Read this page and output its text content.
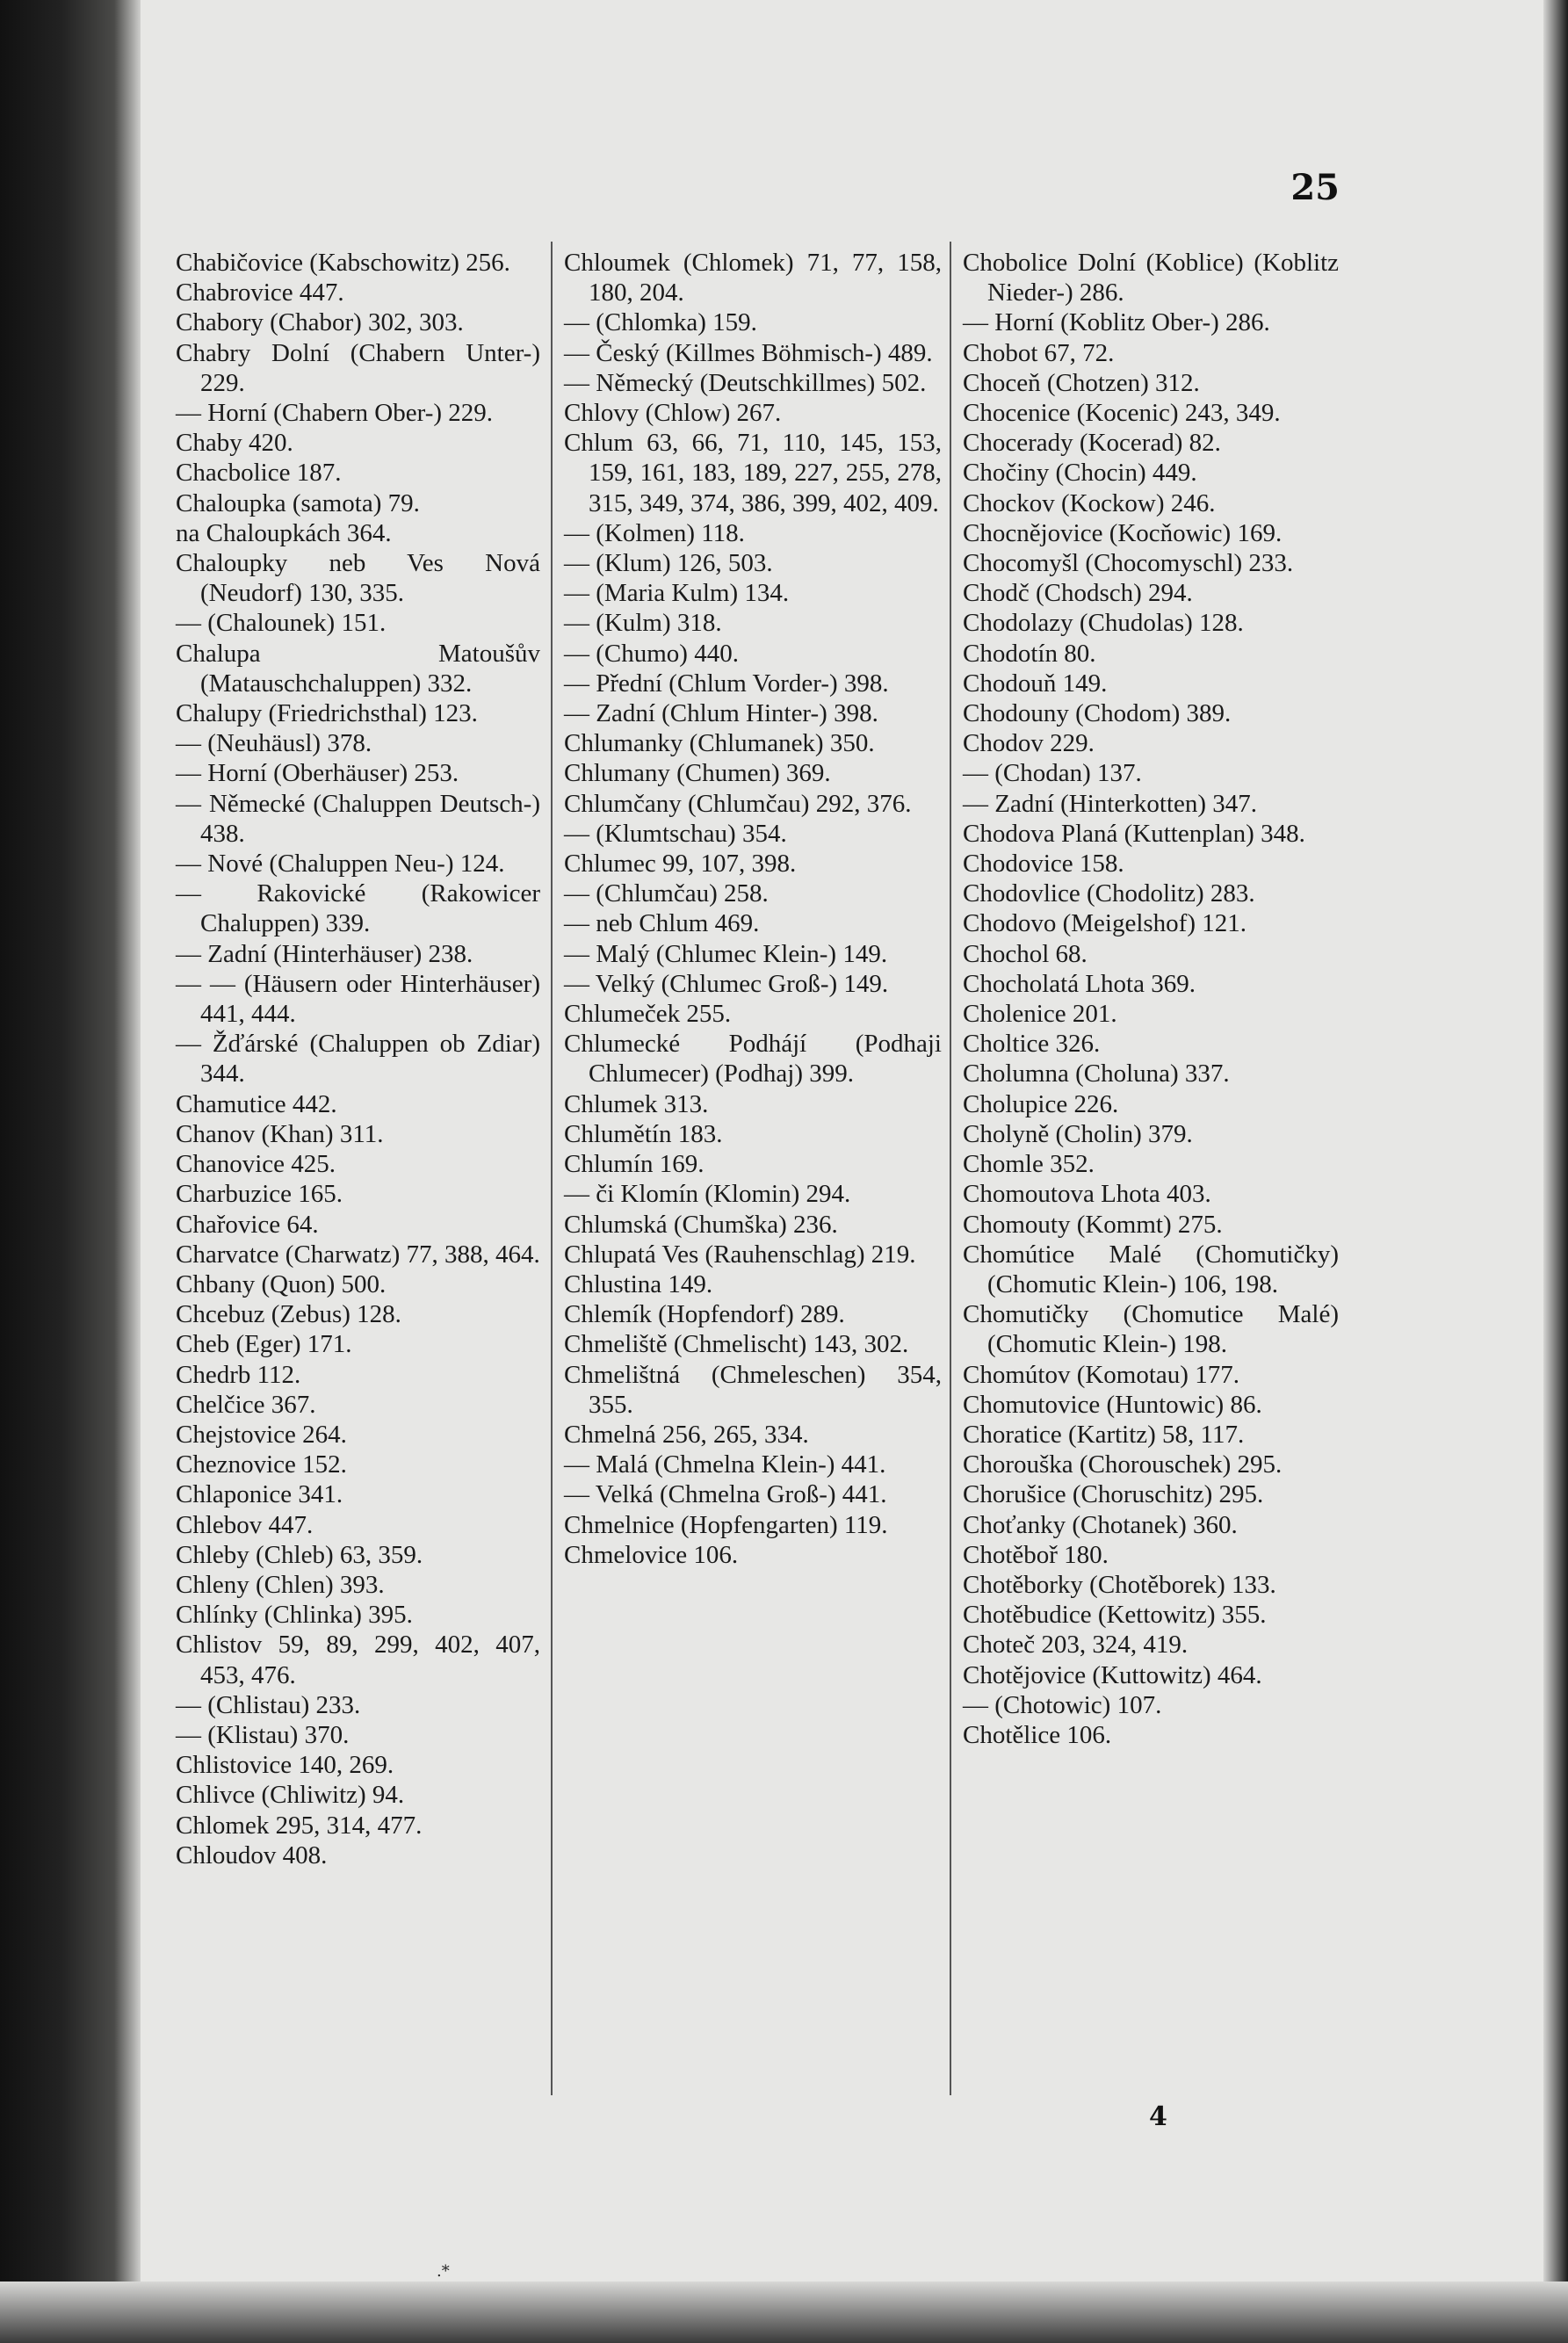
25

Chabičovice (Kabschowitz) 256.

Chabrovice 447.

Chabory (Chabor) 302, 303.

Chabry Dolní (Chabern Unter-) 229.

— Horní (Chabern Ober-) 229.

Chaby 420.

Chacbolice 187.

Chaloupka (samota) 79.

na Chaloupkách 364.

Chaloupky neb Ves Nová (Neudorf) 130, 335.

— (Chalounek) 151.

Chalupa Matoušův (Matauschchaluppen) 332.

Chalupy (Friedrichsthal) 123.

— (Neuhäusl) 378.

— Horní (Oberhäuser) 253.

— Německé (Chaluppen Deutsch-) 438.

— Nové (Chaluppen Neu-) 124.

— Rakovické (Rakowicer Chaluppen) 339.

— Zadní (Hinterhäuser) 238.

— — (Häusern oder Hinterhäuser) 441, 444.

— Žďárské (Chaluppen ob Zdiar) 344.

Chamutice 442.

Chanov (Khan) 311.

Chanovice 425.

Charbuzice 165.

Chařovice 64.

Charvatce (Charwatz) 77, 388, 464.

Chbany (Quon) 500.

Chcebuz (Zebus) 128.

Cheb (Eger) 171.

Chedrb 112.

Chelčice 367.

Chejstovice 264.

Cheznovice 152.

Chlaponice 341.

Chlebov 447.

Chleby (Chleb) 63, 359.

Chleny (Chlen) 393.

Chlínky (Chlinka) 395.

Chlistov 59, 89, 299, 402, 407, 453, 476.

— (Chlistau) 233.

— (Klistau) 370.

Chlistovice 140, 269.

Chlivce (Chliwitz) 94.

Chlomek 295, 314, 477.

Chloudov 408.

Chloumek (Chlomek) 71, 77, 158, 180, 204.

— (Chlomka) 159.

— Český (Killmes Böhmisch-) 489.

— Německý (Deutschkillmes) 502.

Chlovy (Chlow) 267.

Chlum 63, 66, 71, 110, 145, 153, 159, 161, 183, 189, 227, 255, 278, 315, 349, 374, 386, 399, 402, 409.

— (Kolmen) 118.

— (Klum) 126, 503.

— (Maria Kulm) 134.

— (Kulm) 318.

— (Chumo) 440.

— Přední (Chlum Vorder-) 398.

— Zadní (Chlum Hinter-) 398.

Chlumanky (Chlumanek) 350.

Chlumany (Chumen) 369.

Chlumčany (Chlumčau) 292, 376.

— (Klumtschau) 354.

Chlumec 99, 107, 398.

— (Chlumčau) 258.

— neb Chlum 469.

— Malý (Chlumec Klein-) 149.

— Velký (Chlumec Groß-) 149.

Chlumeček 255.

Chlumecké Podhájí (Podhaji Chlumecer) (Podhaj) 399.

Chlumek 313.

Chlumětín 183.

Chlumín 169.

— či Klomín (Klomin) 294.

Chlumská (Chumška) 236.

Chlupatá Ves (Rauhenschlag) 219.

Chlustina 149.

Chlemík (Hopfendorf) 289.

Chmeliště (Chmelischt) 143, 302.

Chmelištná (Chmeleschen) 354, 355.

Chmelná 256, 265, 334.

— Malá (Chmelna Klein-) 441.

— Velká (Chmelna Groß-) 441.

Chmelnice (Hopfengarten) 119.

Chmelovice 106.

Chobolice Dolní (Koblice) (Koblitz Nieder-) 286.

— Horní (Koblitz Ober-) 286.

Chobot 67, 72.

Choceň (Chotzen) 312.

Chocenice (Kocenic) 243, 349.

Chocerady (Kocerad) 82.

Chočiny (Chocin) 449.

Chockov (Kockow) 246.

Chocnějovice (Kocňowic) 169.

Chocomyšl (Chocomyschl) 233.

Chodč (Chodsch) 294.

Chodolazy (Chudolas) 128.

Chodotín 80.

Chodouň 149.

Chodouny (Chodom) 389.

Chodov 229.

— (Chodan) 137.

— Zadní (Hinterkotten) 347.

Chodova Planá (Kuttenplan) 348.

Chodovice 158.

Chodovlice (Chodolitz) 283.

Chodovo (Meigelshof) 121.

Chochol 68.

Chocholatá Lhota 369.

Cholenice 201.

Choltice 326.

Cholumna (Choluna) 337.

Cholupice 226.

Cholyně (Cholin) 379.

Chomle 352.

Chomoutova Lhota 403.

Chomouty (Kommt) 275.

Chomútice Malé (Chomutičky) (Chomutic Klein-) 106, 198.

Chomutičky (Chomutice Malé) (Chomutic Klein-) 198.

Chomútov (Komotau) 177.

Chomutovice (Huntowic) 86.

Choratice (Kartitz) 58, 117.

Chorouška (Chorouschek) 295.

Chorušice (Choruschitz) 295.

Choťanky (Chotanek) 360.

Chotěboř 180.

Chotěborky (Chotěborek) 133.

Chotěbudice (Kettowitz) 355.

Choteč 203, 324, 419.

Chotějovice (Kuttowitz) 464.

— (Chotowic) 107.

Chotělice 106.

4
.*
